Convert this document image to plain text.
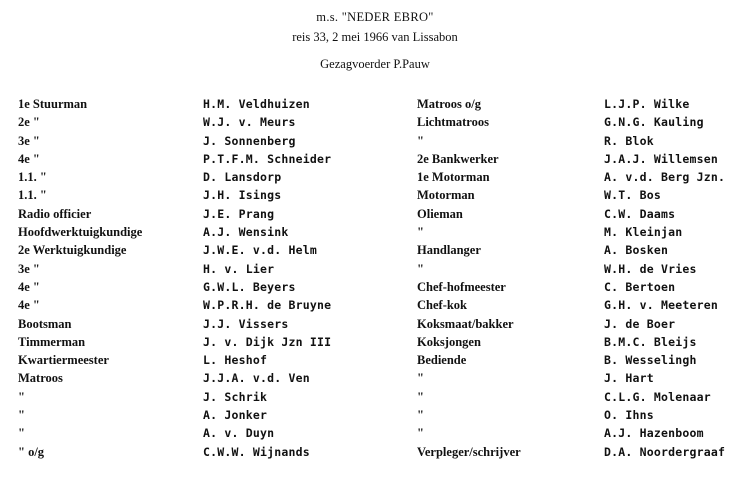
m.s. "NEDER EBRO"
reis 33, 2 mei 1966 van Lissabon
Gezagvoerder P.Pauw
1e Stuurman
2e "
3e "
4e "
1.1. "
1.1. "
Radio officier
Hoofdwerktuigkundige
2e Werktuigkundige
3e "
4e "
4e "
Bootsman
Timmerman
Kwartiermeester
Matroos
"
"
"
" o/g
H.M. Veldhuizen
W.J. v. Meurs
J. Sonnenberg
P.T.F.M. Schneider
D. Lansdorp
J.H. Isings
J.E. Prang
A.J. Wensink
J.W.E. v.d. Helm
H. v. Lier
G.W.L. Beyers
W.P.R.H. de Bruyne
J.J. Vissers
J. v. Dijk Jzn III
L. Heshof
J.J.A. v.d. Ven
J. Schrik
A. Jonker
A. v. Duyn
C.W.W. Wijnands
Matroos o/g
Lichtmatroos
"
2e Bankwerker
1e Motorman
Motorman
Olieman
"
Handlanger
"
Chef-hofmeester
Chef-kok
Koksmaat/bakker
Koksjongen
Bediende
"
"
"
"
Verpleger/schrijver
L.J.P. Wilke
G.N.G. Kauling
R. Blok
J.A.J. Willemsen
A. v.d. Berg Jzn.
W.T. Bos
C.W. Daams
M. Kleinjan
A. Bosken
W.H. de Vries
C. Bertoen
G.H. v. Meeteren
J. de Boer
B.M.C. Bleijs
B. Wesselingh
J. Hart
C.L.G. Molenaar
O. Ihns
A.J. Hazenboom
D.A. Noordergraaf
